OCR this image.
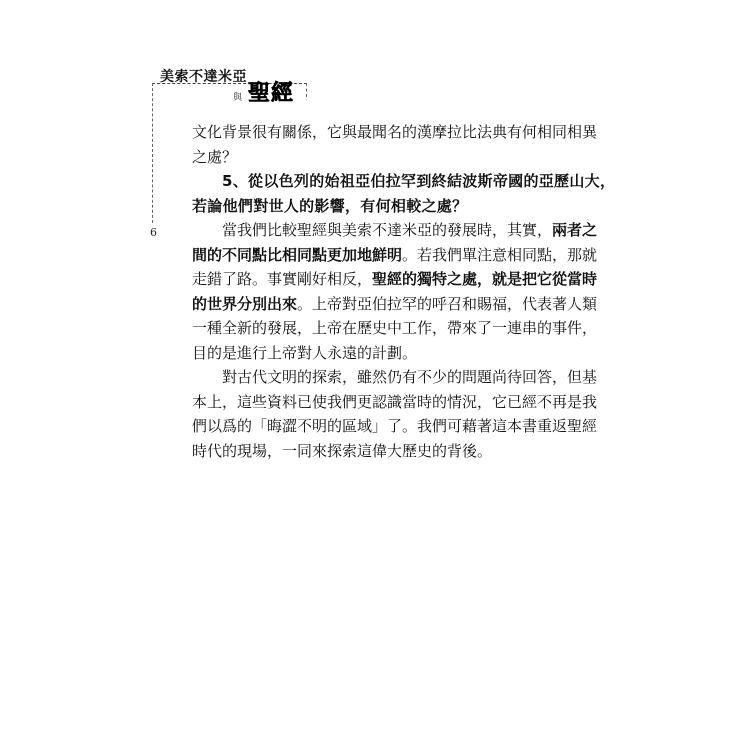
美索不達米亞
與 聖經
6
文化背景很有關係，它與最聞名的漢摩拉比法典有何相同相異
之處？
5、從以色列的始祖亞伯拉罕到終結波斯帝國的亞歷山大，
若論他們對世人的影響，有何相較之處？
當我們比較聖經與美索不達米亞的發展時，其實，兩者之
間的不同點比相同點更加地鮮明。若我們單注意相同點，那就
走錯了路。事實剛好相反，聖經的獨特之處，就是把它從當時
的世界分別出來。上帝對亞伯拉罕的呼召和賜福，代表著人類
一種全新的發展，上帝在歷史中工作，帶來了一連串的事件，
目的是進行上帝對人永遠的計劃。
對古代文明的探索，雖然仍有不少的問題尚待回答，但基
本上，這些資料已使我們更認識當時的情況，它已經不再是我
們以爲的「晦澀不明的區域」了。我們可藉著這本書重返聖經
時代的現場，一同來探索這偉大歷史的背後。
